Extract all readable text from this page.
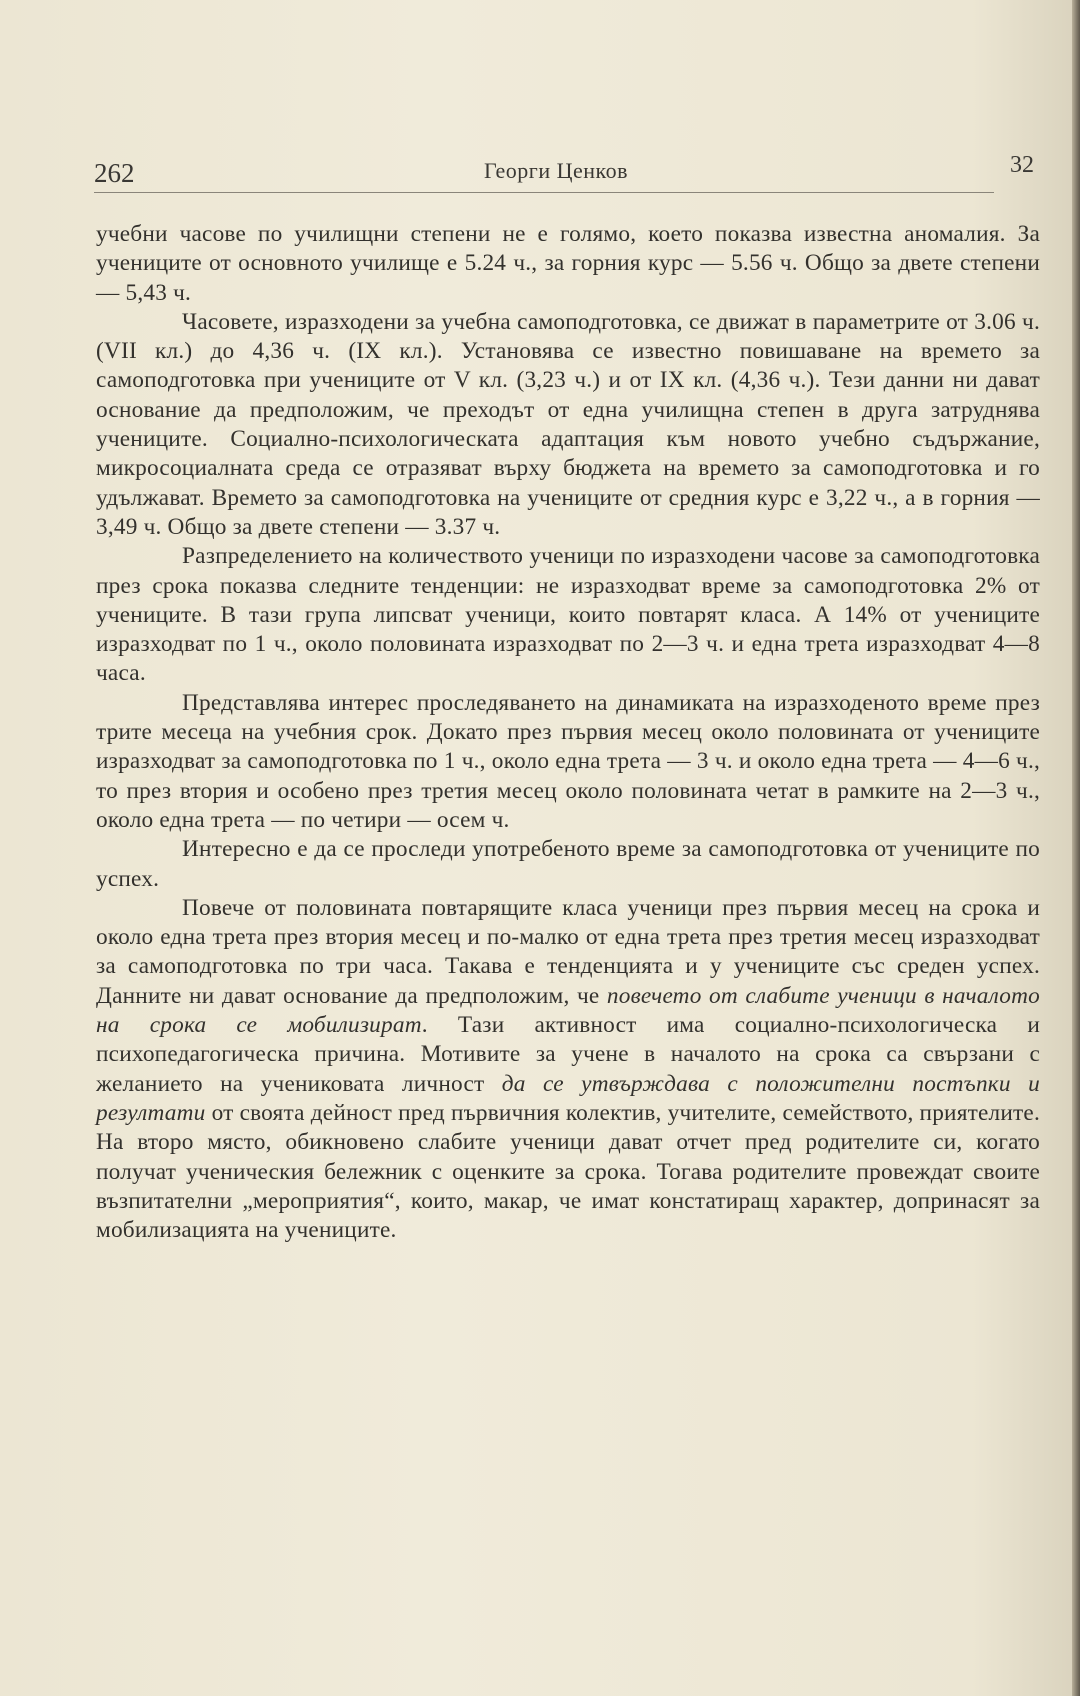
262	Георги Ценков	32

учебни часове по училищни степени не е голямо, което показва известна аномалия. За учениците от основното училище е 5.24 ч., за горния курс — 5.56 ч. Общо за двете степени — 5,43 ч.

Часовете, изразходени за учебна самоподготовка, се движат в параметрите от 3.06 ч. (VII кл.) до 4,36 ч. (IX кл.). Установява се известно повишаване на времето за самоподготовка при учениците от V кл. (3,23 ч.) и от IX кл. (4,36 ч.). Тези данни ни дават основание да предположим, че преходът от една училищна степен в друга затруднява учениците. Социално-психологическата адаптация към новото учебно съдържание, микросоциалната среда се отразяват върху бюджета на времето за самоподготовка и го удължават. Времето за самоподготовка на учениците от средния курс е 3,22 ч., а в горния — 3,49 ч. Общо за двете степени — 3.37 ч.

Разпределението на количеството ученици по изразходени часове за самоподготовка през срока показва следните тенденции: не изразходват време за самоподготовка 2% от учениците. В тази група липсват ученици, които повтарят класа. А 14% от учениците изразходват по 1 ч., около половината изразходват по 2—3 ч. и една трета изразходват 4—8 часа.

Представлява интерес проследяването на динамиката на изразходеното време през трите месеца на учебния срок. Докато през първия месец около половината от учениците изразходват за самоподготовка по 1 ч., около една трета — 3 ч. и около една трета — 4—6 ч., то през втория и особено през третия месец около половината четат в рамките на 2—3 ч., около една трета — по четири — осем ч.

Интересно е да се проследи употребеното време за самоподготовка от учениците по успех.

Повече от половината повтарящите класа ученици през първия месец на срока и около една трета през втория месец и по-малко от една трета през третия месец изразходват за самоподготовка по три часа. Такава е тенденцията и у учениците със среден успех. Данните ни дават основание да предположим, че повечето от слабите ученици в началото на срока се мобилизират. Тази активност има социално-психологическа и психопедагогическа причина. Мотивите за учене в началото на срока са свързани с желанието на учениковата личност да се утвърждава с положителни постъпки и резултати от своята дейност пред първичния колектив, учителите, семейството, приятелите. На второ място, обикновено слабите ученици дават отчет пред родителите си, когато получат ученическия бележник с оценките за срока. Тогава родителите провеждат своите възпитателни „мероприятия“, които, макар, че имат констатиращ характер, допринасят за мобилизацията на учениците.
